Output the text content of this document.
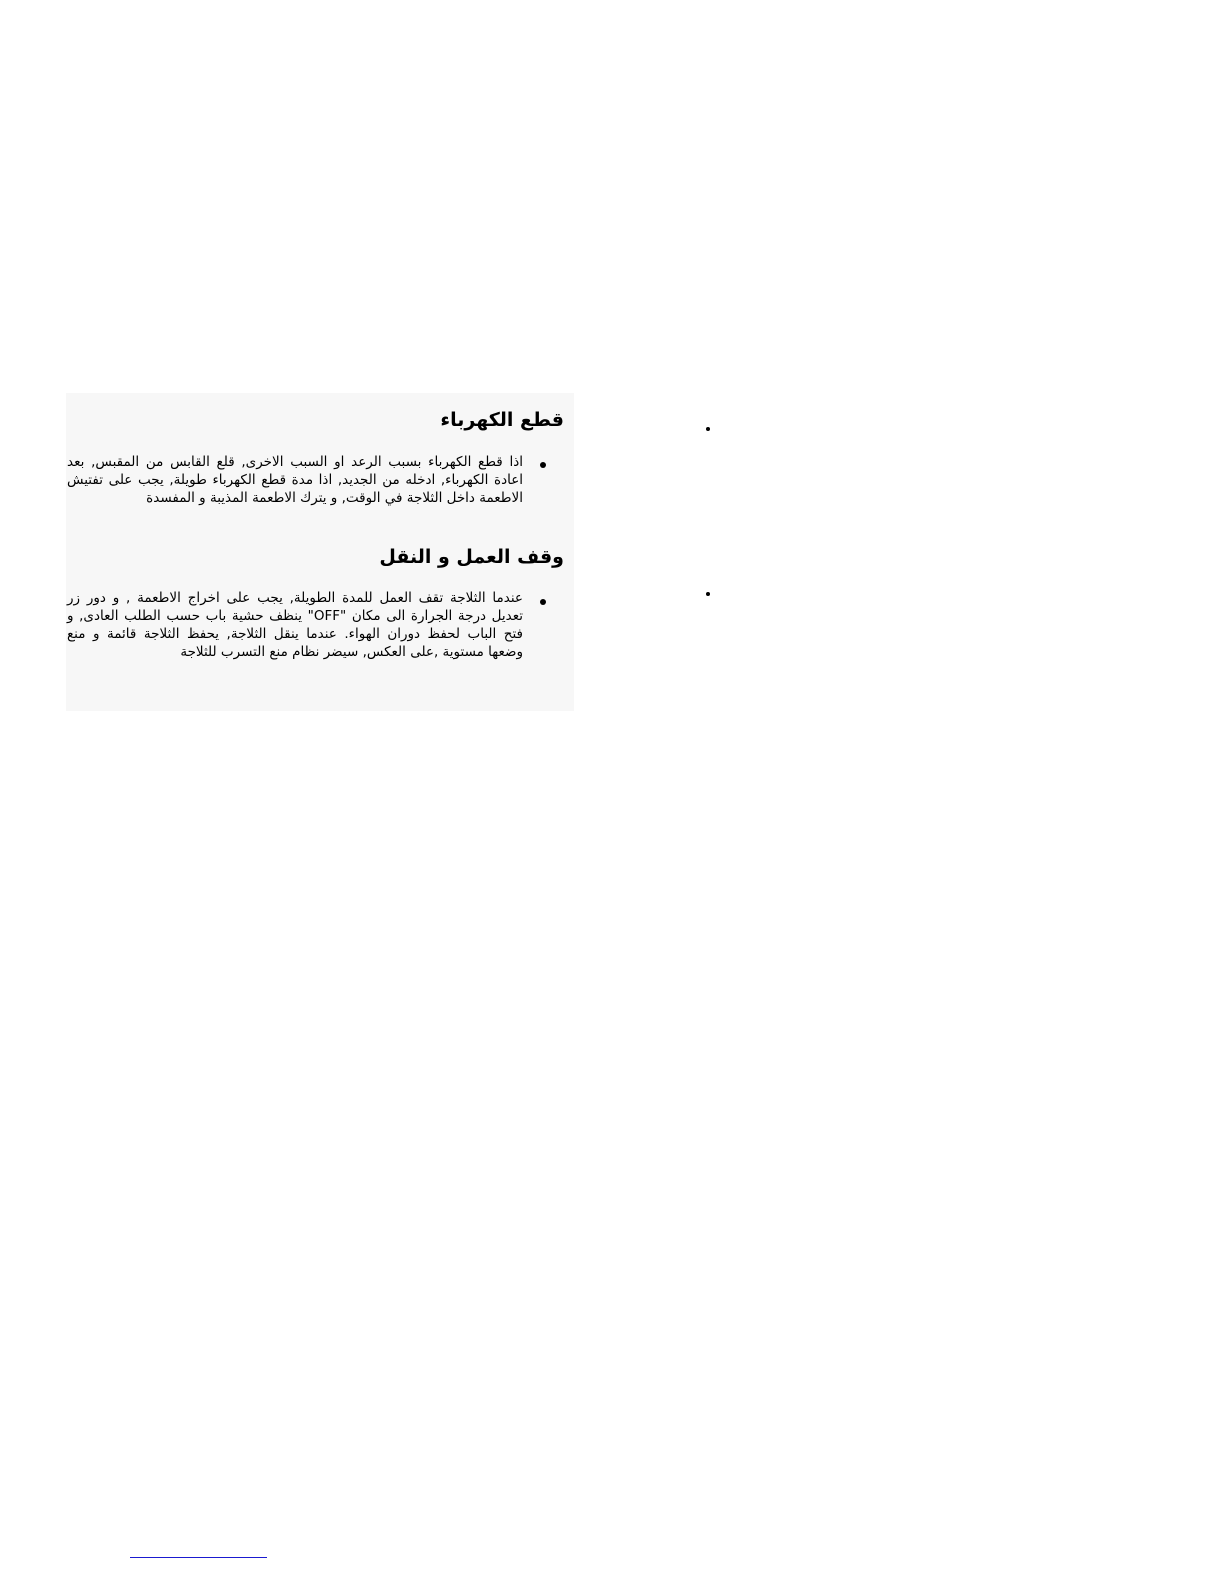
قطع الكهرباء

اذا قطع الكهرباء بسبب الرعد او السبب الاخرى, قلع القابس من المقبس, بعد اعادة الكهرباء, ادخله من الجديد, اذا مدة قطع الكهرباء طويلة, يجب على تفتيش الاطعمة داخل الثلاجة في الوقت, و يترك الاطعمة المذيبة و المفسدة

وقف العمل و النقل

عندما الثلاجة تقف العمل للمدة الطويلة, يجب على اخراج الاطعمة , و دور زر تعديل درجة الجرارة الى مكان "OFF" ينظف حشية باب حسب الطلب العادى, و فتح الباب لحفظ دوران الهواء. عندما ينقل الثلاجة, يحفظ الثلاجة قائمة و منع وضعها مستوية ,على العكس, سيضر نظام منع التسرب للثلاجة
